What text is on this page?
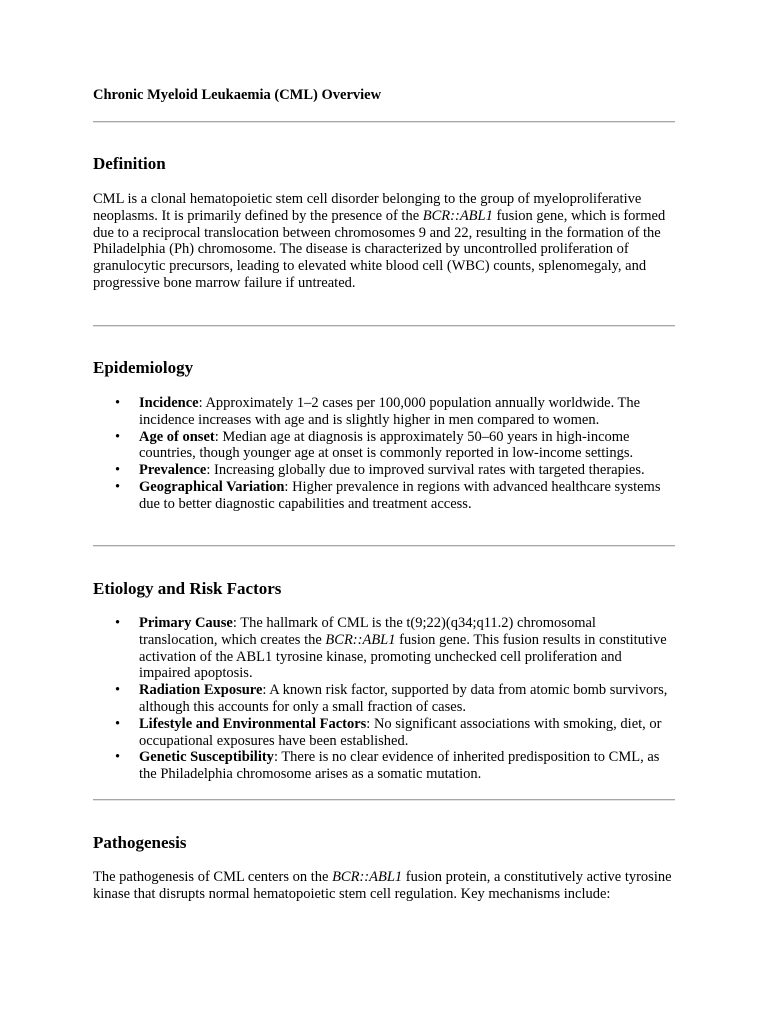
Chronic Myeloid Leukaemia (CML) Overview
Definition

CML is a clonal hematopoietic stem cell disorder belonging to the group of myeloproliferative neoplasms. It is primarily defined by the presence of the BCR::ABL1 fusion gene, which is formed due to a reciprocal translocation between chromosomes 9 and 22, resulting in the formation of the Philadelphia (Ph) chromosome. The disease is characterized by uncontrolled proliferation of granulocytic precursors, leading to elevated white blood cell (WBC) counts, splenomegaly, and progressive bone marrow failure if untreated.

Epidemiology
• Incidence: Approximately 1–2 cases per 100,000 population annually worldwide. The incidence increases with age and is slightly higher in men compared to women.
• Age of onset: Median age at diagnosis is approximately 50–60 years in high-income countries, though younger age at onset is commonly reported in low-income settings.
• Prevalence: Increasing globally due to improved survival rates with targeted therapies.
• Geographical Variation: Higher prevalence in regions with advanced healthcare systems due to better diagnostic capabilities and treatment access.
Etiology and Risk Factors
• Primary Cause: The hallmark of CML is the t(9;22)(q34;q11.2) chromosomal translocation, which creates the BCR::ABL1 fusion gene. This fusion results in constitutive activation of the ABL1 tyrosine kinase, promoting unchecked cell proliferation and impaired apoptosis.
• Radiation Exposure: A known risk factor, supported by data from atomic bomb survivors, although this accounts for only a small fraction of cases.
• Lifestyle and Environmental Factors: No significant associations with smoking, diet, or occupational exposures have been established.
• Genetic Susceptibility: There is no clear evidence of inherited predisposition to CML, as the Philadelphia chromosome arises as a somatic mutation.
Pathogenesis

The pathogenesis of CML centers on the BCR::ABL1 fusion protein, a constitutively active tyrosine kinase that disrupts normal hematopoietic stem cell regulation. Key mechanisms include:
